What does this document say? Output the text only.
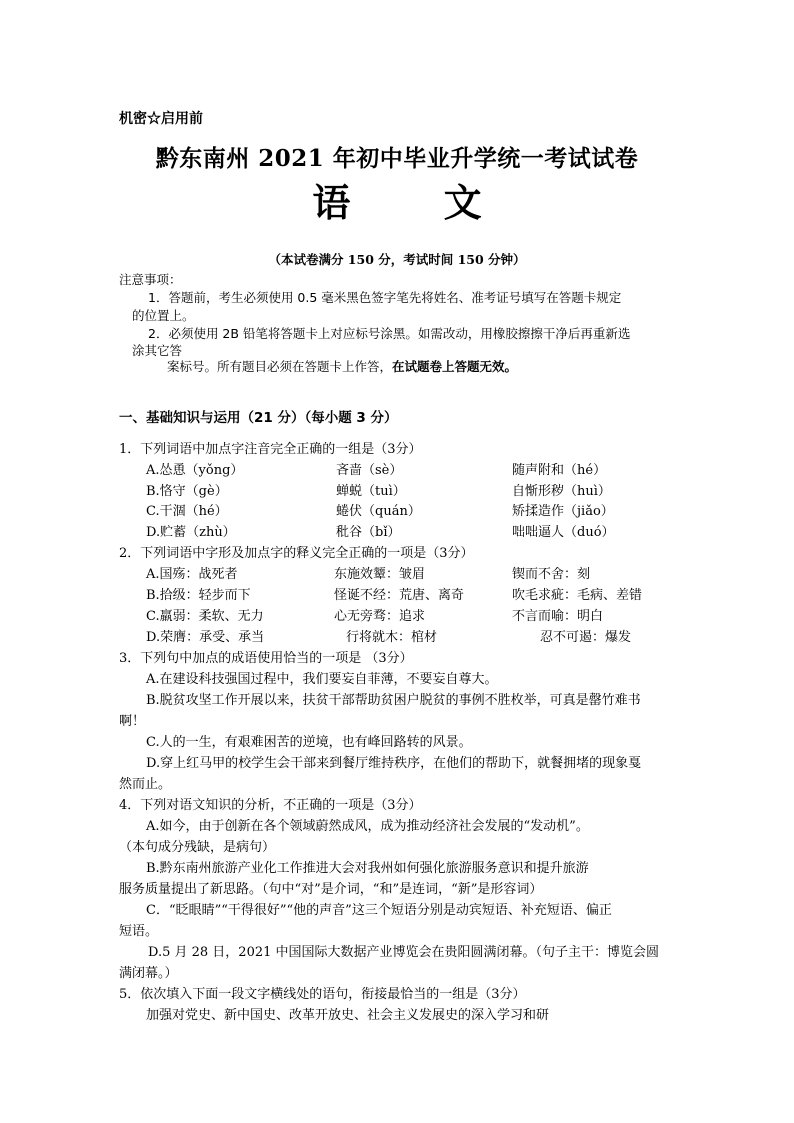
机密☆启用前
黔东南州 2021 年初中毕业升学统一考试试卷
语 文
（本试卷满分 150 分，考试时间 150 分钟）
注意事项：
1．答题前，考生必须使用 0.5 毫米黑色签字笔先将姓名、准考证号填写在答题卡规定
的位置上。
2．必须使用 2B 铅笔将答题卡上对应标号涂黑。如需改动，用橡胶擦擦干净后再重新选
涂其它答
案标号。所有题目必须在答题卡上作答，在试题卷上答题无效。
一、基础知识与运用（21 分）（每小题 3 分）
1．下列词语中加点字注音完全正确的一组是（3分）
A.怂恿（yǒng）	吝啬（sè）	随声附和（hé）
B.恪守（gè）	蝉蜕（tuì）	自惭形秽（huì）
C.干涸（hé）	蜷伏（quán）	矫揉造作（jiǎo）
D.贮蓄（zhù）	秕谷（bǐ）	咄咄逼人（duó）
2．下列词语中字形及加点字的释义完全正确的一项是（3分）
A.国殇：战死者	东施效颦：皱眉	锲而不舍：刻
B.拾级：轻步而下	怪诞不经：荒唐、离奇	吹毛求疵：毛病、差错
C.羸弱：柔软、无力	心无旁骛：追求	不言而喻：明白
D.荣膺：承受、承当	行将就木：棺材	忍不可遏：爆发
3．下列句中加点的成语使用恰当的一项是 （3分）
A.在建设科技强国过程中，我们要妄自菲薄，不要妄自尊大。
B.脱贫攻坚工作开展以来，扶贫干部帮助贫困户脱贫的事例不胜枚举，可真是罄竹难书
啊！
C.人的一生，有艰难困苦的逆境，也有峰回路转的风景。
D.穿上红马甲的校学生会干部来到餐厅维持秩序，在他们的帮助下，就餐拥堵的现象戛
然而止。
4．下列对语文知识的分析，不正确的一项是（3分）
A.如今，由于创新在各个领域蔚然成风，成为推动经济社会发展的“发动机”。
（本句成分残缺，是病句）
B.黔东南州旅游产业化工作推进大会对我州如何强化旅游服务意识和提升旅游
服务质量提出了新思路。（句中“对”是介词，“和”是连词，“新”是形容词）
C．“眨眼睛”“干得很好”“他的声音”这三个短语分别是动宾短语、补充短语、偏正
短语。
D.5 月 28 日，2021 中国国际大数据产业博览会在贵阳圆满闭幕。（句子主干：博览会圆
满闭幕。）
5．依次填入下面一段文字横线处的语句，衔接最恰当的一组是（3分）
加强对党史、新中国史、改革开放史、社会主义发展史的深入学习和研
